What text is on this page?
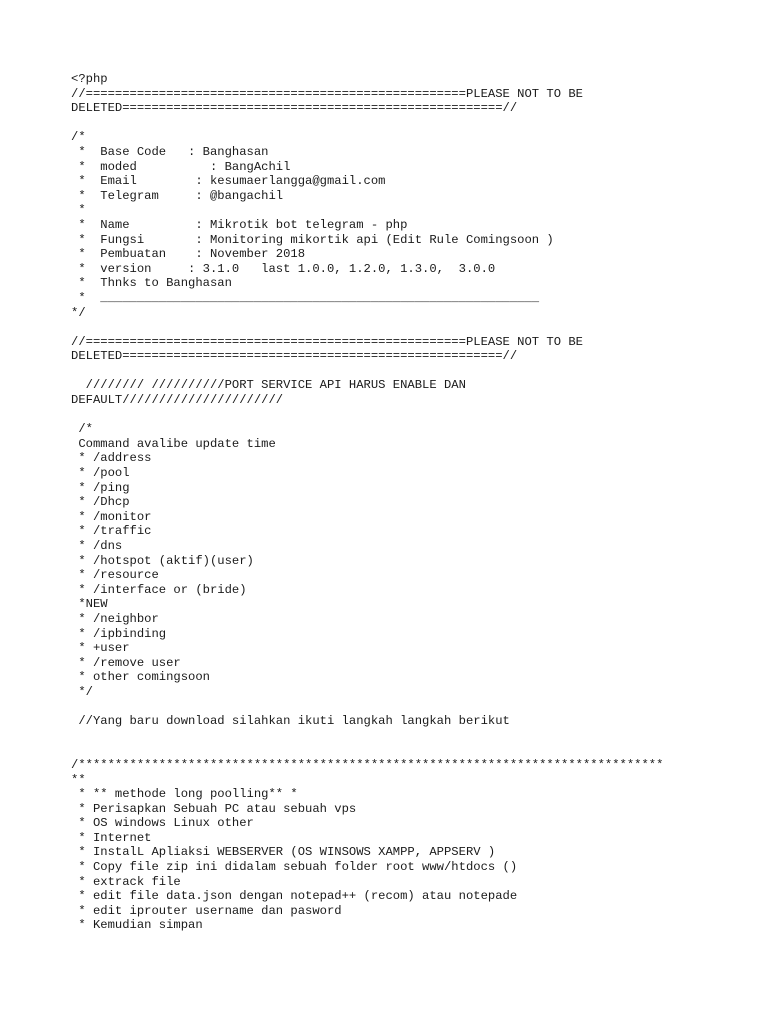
<?php
//====================================================PLEASE NOT TO BE
DELETED====================================================//
/*
*  Base Code   : Banghasan
*  moded          : BangAchil
*  Email        : kesumaerlangga@gmail.com
*  Telegram     : @bangachil
*
*  Name         : Mikrotik bot telegram - php
*  Fungsi       : Monitoring mikortik api (Edit Rule Comingsoon )
*  Pembuatan    : November 2018
*  version     : 3.1.0   last 1.0.0, 1.2.0, 1.3.0,  3.0.0
*  Thnks to Banghasan
*  ____________________________________________________________
*/
//====================================================PLEASE NOT TO BE
DELETED====================================================//
//////// //////////PORT SERVICE API HARUS ENABLE DAN
DEFAULT//////////////////////
/*
Command avalibe update time
* /address
* /pool
* /ping
* /Dhcp
* /monitor
* /traffic
* /dns
* /hotspot (aktif)(user)
* /resource
* /interface or (bride)
*NEW
* /neighbor
* /ipbinding
* +user
* /remove user
* other comingsoon
*/
//Yang baru download silahkan ikuti langkah langkah berikut
/********************************************************************************
**
* ** methode long poolling** *
* Perisapkan Sebuah PC atau sebuah vps
* OS windows Linux other
* Internet
* InstalL Apliaksi WEBSERVER (OS WINSOWS XAMPP, APPSERV )
* Copy file zip ini didalam sebuah folder root www/htdocs ()
* extrack file
* edit file data.json dengan notepad++ (recom) atau notepade
* edit iprouter username dan pasword
* Kemudian simpan
